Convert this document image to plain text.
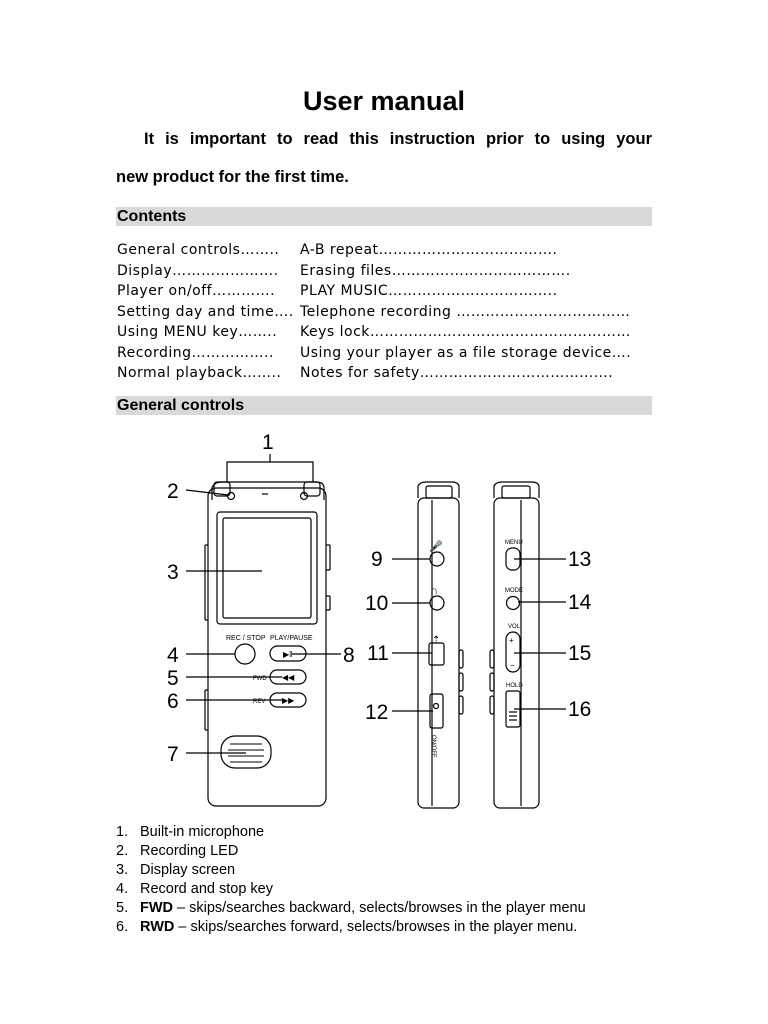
User manual
It is important to read this instruction prior to using your
new product for the first time.
Contents
General controls……..	A-B repeat……………………………….
Display………………….	Erasing files……………………………….
Player on/off………….	PLAY MUSIC……………………………..
Setting day and time…. Telephone recording ………………………………
Using MENU key……..	Keys lock………………………………………………
Recording……………..	Using your player as a file storage device….
Normal playback……..	Notes for safety………………………………….
General controls
REC / STOP PLAY/PAUSE
▶ǁ
FWD ◀◀
REV ▶▶
1
2
3
4
5
6
7
8
🎤
∩
⇡
ON/OFF
9
10
11
12
MENU
MODE
VOL
+
−
HOLD
13
14
15
16
1. Built-in microphone
2. Recording LED
3. Display screen
4. Record and stop key
5. FWD – skips/searches backward, selects/browses in the player menu
6. RWD – skips/searches forward, selects/browses in the player menu.
